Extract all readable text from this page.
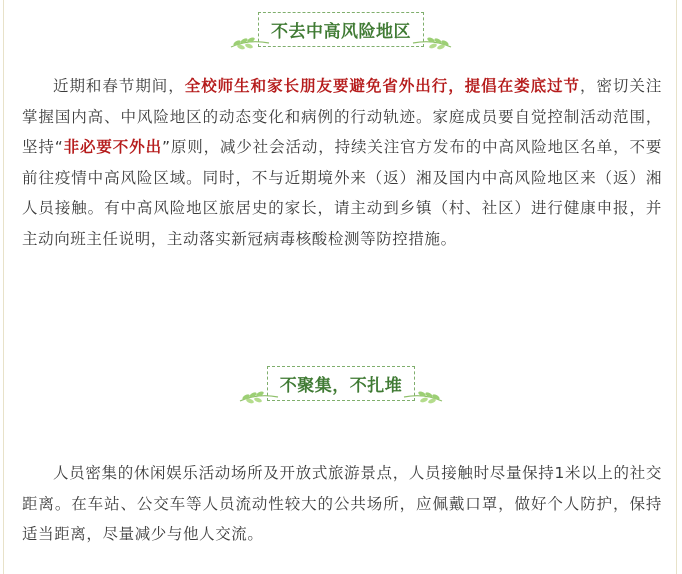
不去中高风险地区

近期和春节期间，全校师生和家长朋友要避免省外出行，提倡在娄底过节，密切关注掌握国内高、中风险地区的动态变化和病例的行动轨迹。家庭成员要自觉控制活动范围，坚持“非必要不外出”原则，减少社会活动，持续关注官方发布的中高风险地区名单，不要前往疫情中高风险区域。同时，不与近期境外来（返）湘及国内中高风险地区来（返）湘人员接触。有中高风险地区旅居史的家长，请主动到乡镇（村、社区）进行健康申报，并主动向班主任说明，主动落实新冠病毒核酸检测等防控措施。

不聚集，不扎堆

人员密集的休闲娱乐活动场所及开放式旅游景点，人员接触时尽量保持1米以上的社交距离。在车站、公交车等人员流动性较大的公共场所，应佩戴口罩，做好个人防护，保持适当距离，尽量减少与他人交流。
